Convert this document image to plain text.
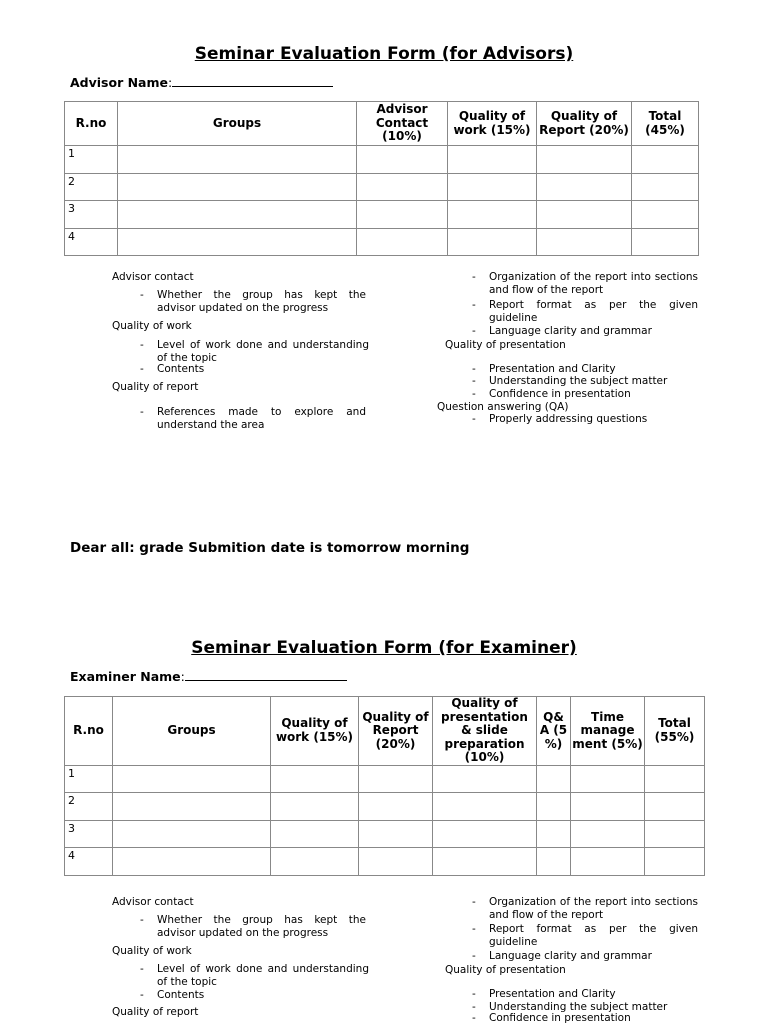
Seminar Evaluation Form (for Advisors)
Advisor Name:
R.no	Groups	Advisor Contact (10%)	Quality of work (15%)	Quality of Report (20%)	Total (45%)
1					
2					
3					
4					
Advisor contact
- Whether the group has kept the advisor updated on the progress
Quality of work
- Level of work done and understanding of the topic
- Contents
Quality of report
- References made to explore and understand the area
- Organization of the report into sections and flow of the report
- Report format as per the given guideline
- Language clarity and grammar
Quality of presentation
- Presentation and Clarity
- Understanding the subject matter
- Confidence in presentation
Question answering (QA)
- Properly addressing questions
Dear all: grade Submition date is tomorrow morning
Seminar Evaluation Form (for Examiner)
Examiner Name:
R.no	Groups	Quality of work (15%)	Quality of Report (20%)	Quality of presentation & slide preparation (10%)	Q& A (5 %)	Time manage ment (5%)	Total (55%)
1							
2							
3							
4							
Advisor contact
- Whether the group has kept the advisor updated on the progress
Quality of work
- Level of work done and understanding of the topic
- Contents
Quality of report
- Organization of the report into sections and flow of the report
- Report format as per the given guideline
- Language clarity and grammar
Quality of presentation
- Presentation and Clarity
- Understanding the subject matter
- Confidence in presentation
